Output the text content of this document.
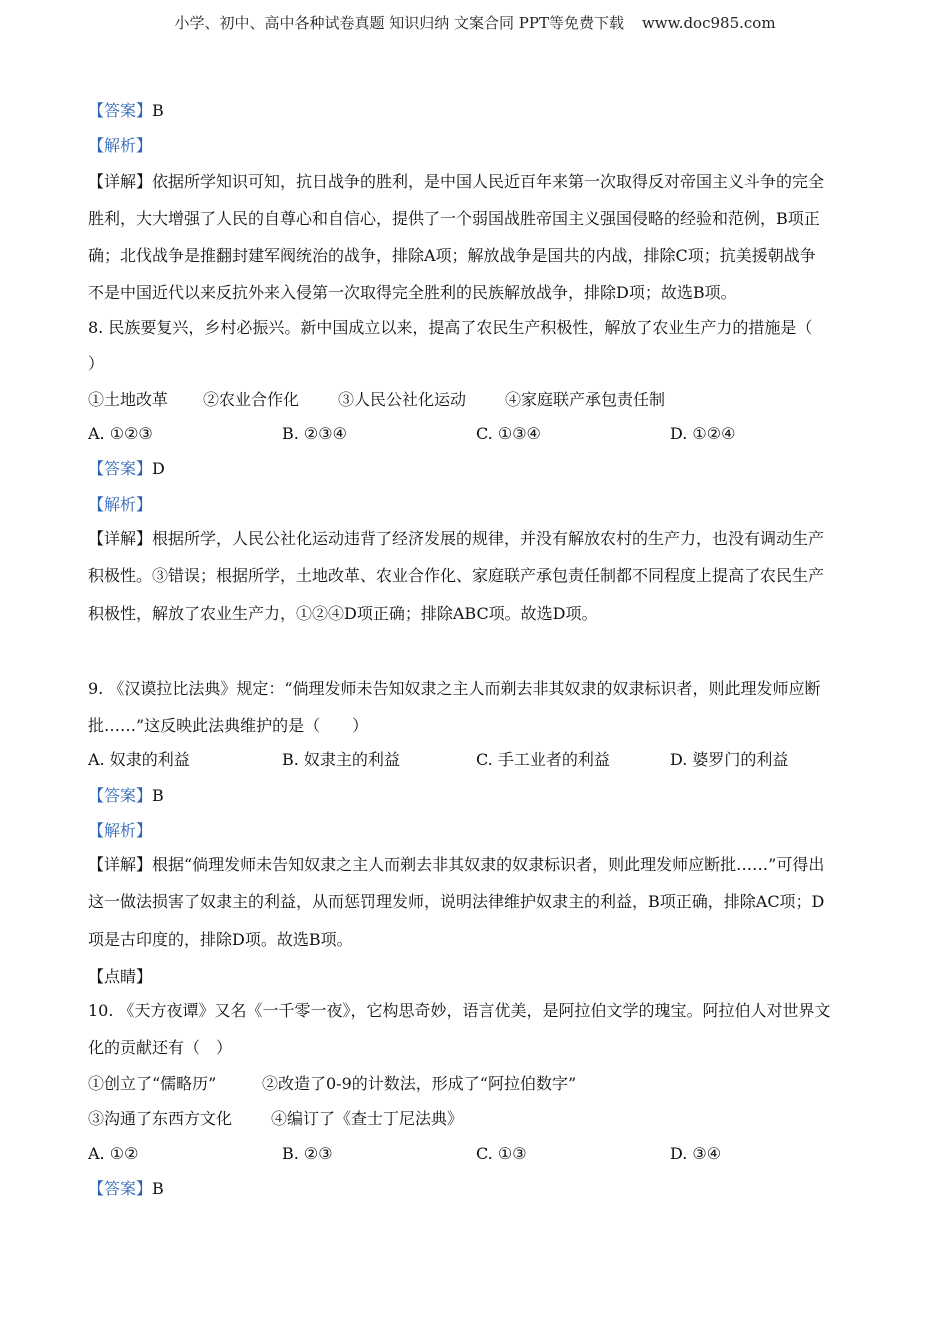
小学、初中、高中各种试卷真题 知识归纳 文案合同 PPT等免费下载 www.doc985.com
【答案】B
【解析】
【详解】依据所学知识可知，抗日战争的胜利，是中国人民近百年来第一次取得反对帝国主义斗争的完全
胜利，大大增强了人民的自尊心和自信心，提供了一个弱国战胜帝国主义强国侵略的经验和范例，B项正
确；北伐战争是推翻封建军阀统治的战争，排除A项；解放战争是国共的内战，排除C项；抗美援朝战争
不是中国近代以来反抗外来入侵第一次取得完全胜利的民族解放战争，排除D项；故选B项。
8. 民族要复兴，乡村必振兴。新中国成立以来，提高了农民生产积极性，解放了农业生产力的措施是（
）
①土地改革 ②农业合作化 ③人民公社化运动 ④家庭联产承包责任制
A. ①②③	B. ②③④	C. ①③④	D. ①②④
【答案】D
【解析】
【详解】根据所学，人民公社化运动违背了经济发展的规律，并没有解放农村的生产力，也没有调动生产
积极性。③错误；根据所学，土地改革、农业合作化、家庭联产承包责任制都不同程度上提高了农民生产
积极性，解放了农业生产力，①②④D项正确；排除ABC项。故选D项。
9. 《汉谟拉比法典》规定：“倘理发师未告知奴隶之主人而剃去非其奴隶的奴隶标识者，则此理发师应断
批……”这反映此法典维护的是（　　）
A. 奴隶的利益	B. 奴隶主的利益	C. 手工业者的利益	D. 婆罗门的利益
【答案】B
【解析】
【详解】根据“倘理发师未告知奴隶之主人而剃去非其奴隶的奴隶标识者，则此理发师应断批……”可得出
这一做法损害了奴隶主的利益，从而惩罚理发师，说明法律维护奴隶主的利益，B项正确，排除AC项；D
项是古印度的，排除D项。故选B项。
【点睛】
10. 《天方夜谭》又名《一千零一夜》，它构思奇妙，语言优美，是阿拉伯文学的瑰宝。阿拉伯人对世界文
化的贡献还有（　）
①创立了“儒略历”	②改造了0-9的计数法，形成了“阿拉伯数字”
③沟通了东西方文化 ④编订了《查士丁尼法典》
A. ①②	B. ②③	C. ①③	D. ③④
【答案】B
